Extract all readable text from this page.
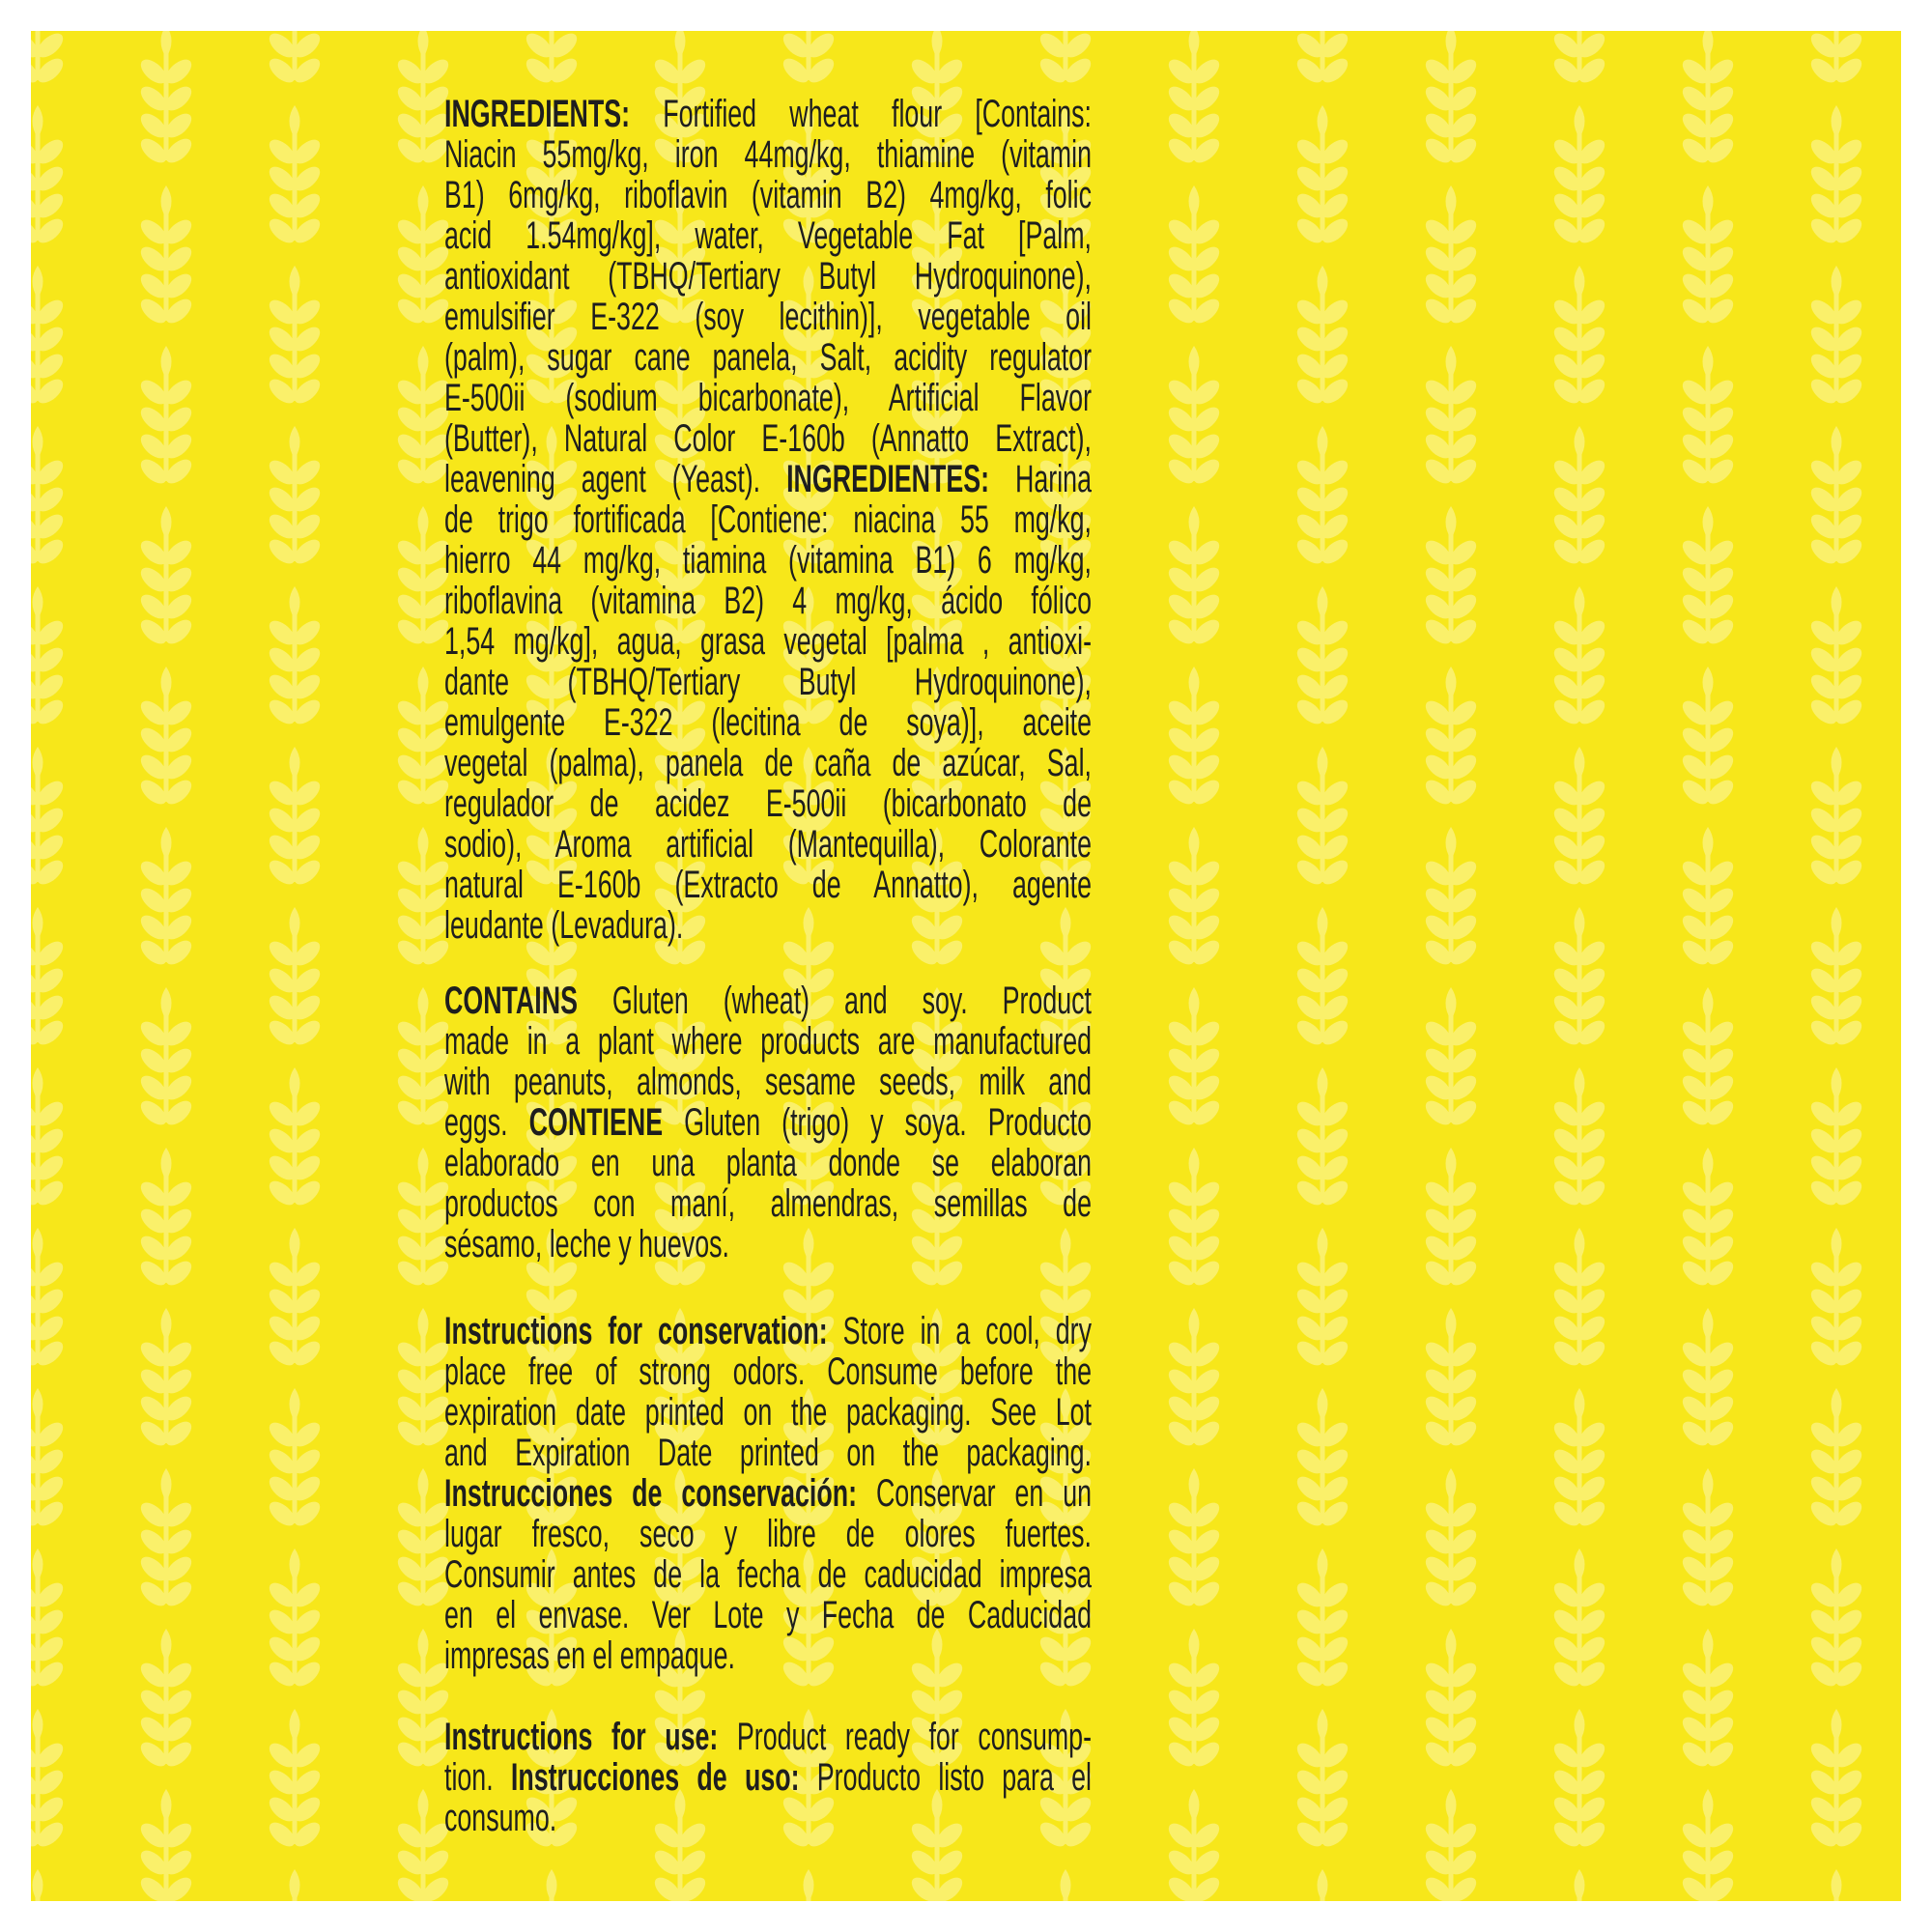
INGREDIENTS: Fortified wheat flour [Contains:
Niacin 55mg/kg, iron 44mg/kg, thiamine (vitamin
B1) 6mg/kg, riboflavin (vitamin B2) 4mg/kg, folic
acid 1.54mg/kg], water, Vegetable Fat [Palm,
antioxidant (TBHQ/Tertiary Butyl Hydroquinone),
emulsifier E-322 (soy lecithin)], vegetable oil
(palm), sugar cane panela, Salt, acidity regulator
E-500ii (sodium bicarbonate), Artificial Flavor
(Butter), Natural Color E-160b (Annatto Extract),
leavening agent (Yeast). INGREDIENTES: Harina
de trigo fortificada [Contiene: niacina 55 mg/kg,
hierro 44 mg/kg, tiamina (vitamina B1) 6 mg/kg,
riboflavina (vitamina B2) 4 mg/kg, ácido fólico
1,54 mg/kg], agua, grasa vegetal [palma , antioxi-
dante (TBHQ/Tertiary Butyl Hydroquinone),
emulgente E-322 (lecitina de soya)], aceite
vegetal (palma), panela de caña de azúcar, Sal,
regulador de acidez E-500ii (bicarbonato de
sodio), Aroma artificial (Mantequilla), Colorante
natural E-160b (Extracto de Annatto), agente
leudante (Levadura).
CONTAINS Gluten (wheat) and soy. Product
made in a plant where products are manufactured
with peanuts, almonds, sesame seeds, milk and
eggs. CONTIENE Gluten (trigo) y soya. Producto
elaborado en una planta donde se elaboran
productos con maní, almendras, semillas de
sésamo, leche y huevos.
Instructions for conservation: Store in a cool, dry
place free of strong odors. Consume before the
expiration date printed on the packaging. See Lot
and Expiration Date printed on the packaging.
Instrucciones de conservación: Conservar en un
lugar fresco, seco y libre de olores fuertes.
Consumir antes de la fecha de caducidad impresa
en el envase. Ver Lote y Fecha de Caducidad
impresas en el empaque.
Instructions for use: Product ready for consump-
tion. Instrucciones de uso: Producto listo para el
consumo.
